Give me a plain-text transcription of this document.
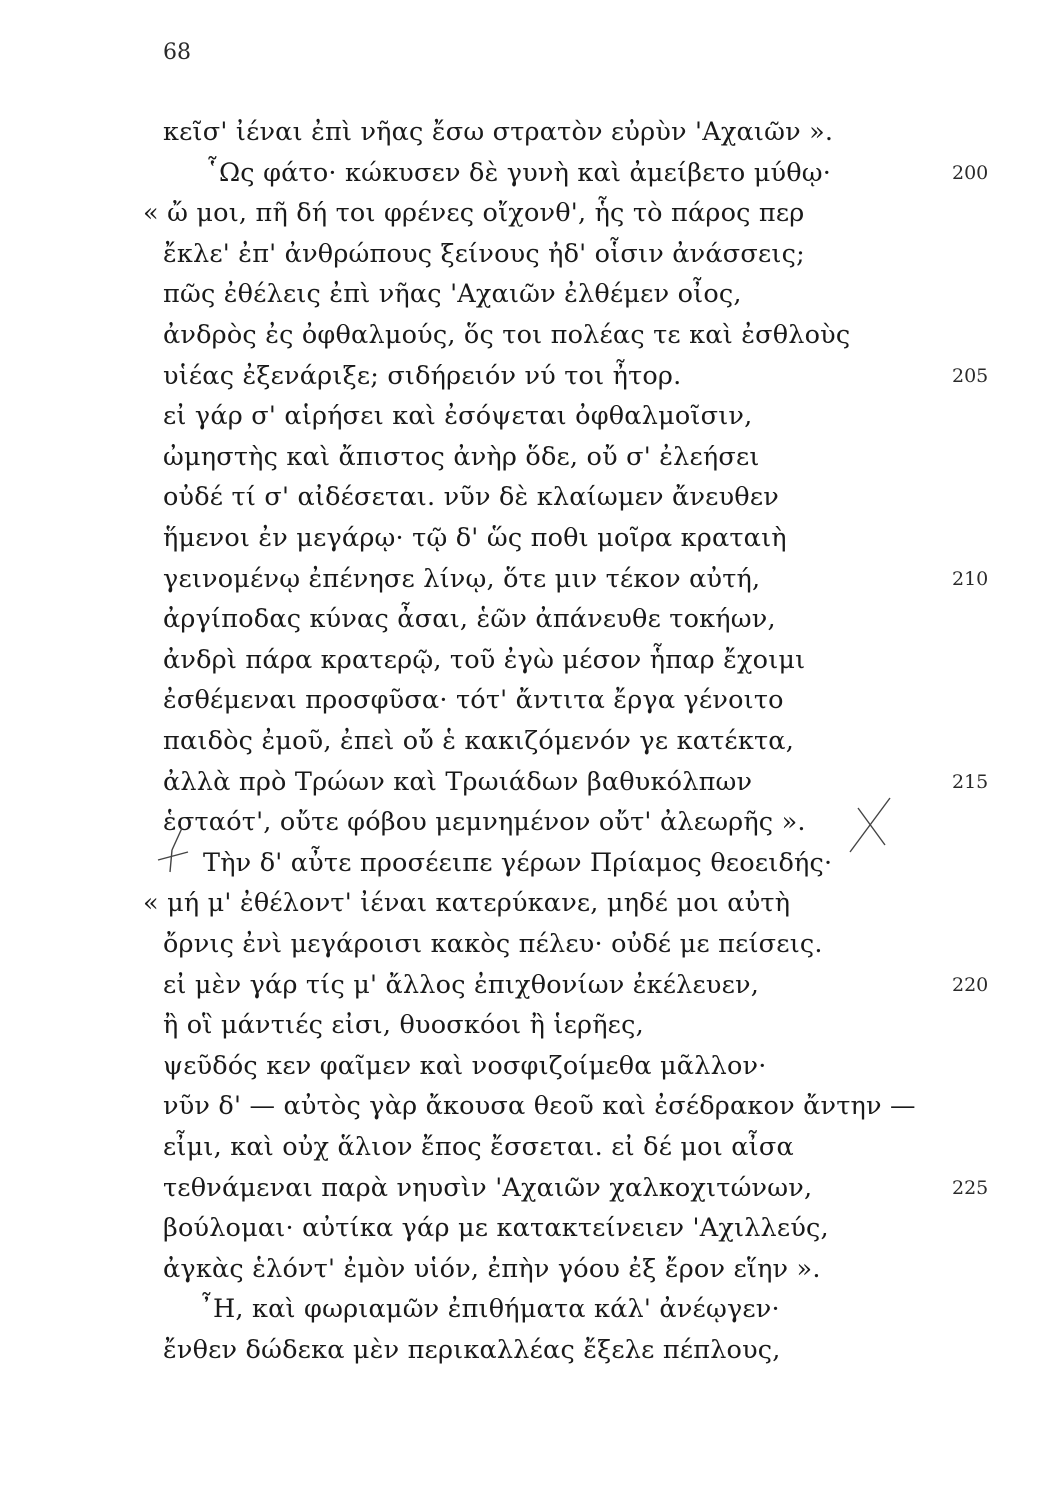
68
κεῖσ' ἰέναι ἐπὶ νῆας ἔσω στρατὸν εὐρὺν 'Αχαιῶν ».
῟Ως φάτο· κώκυσεν δὲ γυνὴ καὶ ἀμείβετο μύθῳ·	200
« ὤ μοι, πῆ δή τοι φρένες οἴχονθ', ἧς τὸ πάρος περ
ἔκλε' ἐπ' ἀνθρώπους ξείνους ἠδ' οἷσιν ἀνάσσεις;
πῶς ἐθέλεις ἐπὶ νῆας 'Αχαιῶν ἐλθέμεν οἶος,
ἀνδρὸς ἐς ὀφθαλμούς, ὅς τοι πολέας τε καὶ ἐσθλοὺς
υἱέας ἐξενάριξε; σιδήρειόν νύ τοι ἦτορ.	205
εἰ γάρ σ' αἱρήσει καὶ ἐσόψεται ὀφθαλμοῖσιν,
ὠμηστὴς καὶ ἄπιστος ἀνὴρ ὅδε, οὔ σ' ἐλεήσει
οὐδέ τί σ' αἰδέσεται. νῦν δὲ κλαίωμεν ἄνευθεν
ἥμενοι ἐν μεγάρῳ· τῷ δ' ὥς ποθι μοῖρα κραταιὴ
γεινομένῳ ἐπένησε λίνῳ, ὅτε μιν τέκον αὐτή,	210
ἀργίποδας κύνας ἆσαι, ἑῶν ἀπάνευθε τοκήων,
ἀνδρὶ πάρα κρατερῷ, τοῦ ἐγὼ μέσον ἧπαρ ἔχοιμι
ἐσθέμεναι προσφῦσα· τότ' ἄντιτα ἔργα γένοιτο
παιδὸς ἐμοῦ, ἐπεὶ οὔ ἑ κακιζόμενόν γε κατέκτα,
ἀλλὰ πρὸ Τρώων καὶ Τρωιάδων βαθυκόλπων	215
ἑσταότ', οὔτε φόβου μεμνημένον οὔτ' ἀλεωρῆς ».
Τὴν δ' αὖτε προσέειπε γέρων Πρίαμος θεοειδής·
« μή μ' ἐθέλοντ' ἰέναι κατερύκανε, μηδέ μοι αὐτὴ
ὄρνις ἐνὶ μεγάροισι κακὸς πέλευ· οὐδέ με πείσεις.
εἰ μὲν γάρ τίς μ' ἄλλος ἐπιχθονίων ἐκέλευεν,	220
ἢ οἳ μάντιές εἰσι, θυοσκόοι ἢ ἱερῆες,
ψεῦδός κεν φαῖμεν καὶ νοσφιζοίμεθα μᾶλλον·
νῦν δ' — αὐτὸς γὰρ ἄκουσα θεοῦ καὶ ἐσέδρακον ἄντην —
εἶμι, καὶ οὐχ ἅλιον ἔπος ἔσσεται. εἰ δέ μοι αἶσα
τεθνάμεναι παρὰ νηυσὶν 'Αχαιῶν χαλκοχιτώνων,	225
βούλομαι· αὐτίκα γάρ με κατακτείνειεν 'Αχιλλεύς,
ἀγκὰς ἑλόντ' ἐμὸν υἱόν, ἐπὴν γόου ἐξ ἔρον εἵην ».
῏Η, καὶ φωριαμῶν ἐπιθήματα κάλ' ἀνέῳγεν·
ἔνθεν δώδεκα μὲν περικαλλέας ἔξελε πέπλους,
